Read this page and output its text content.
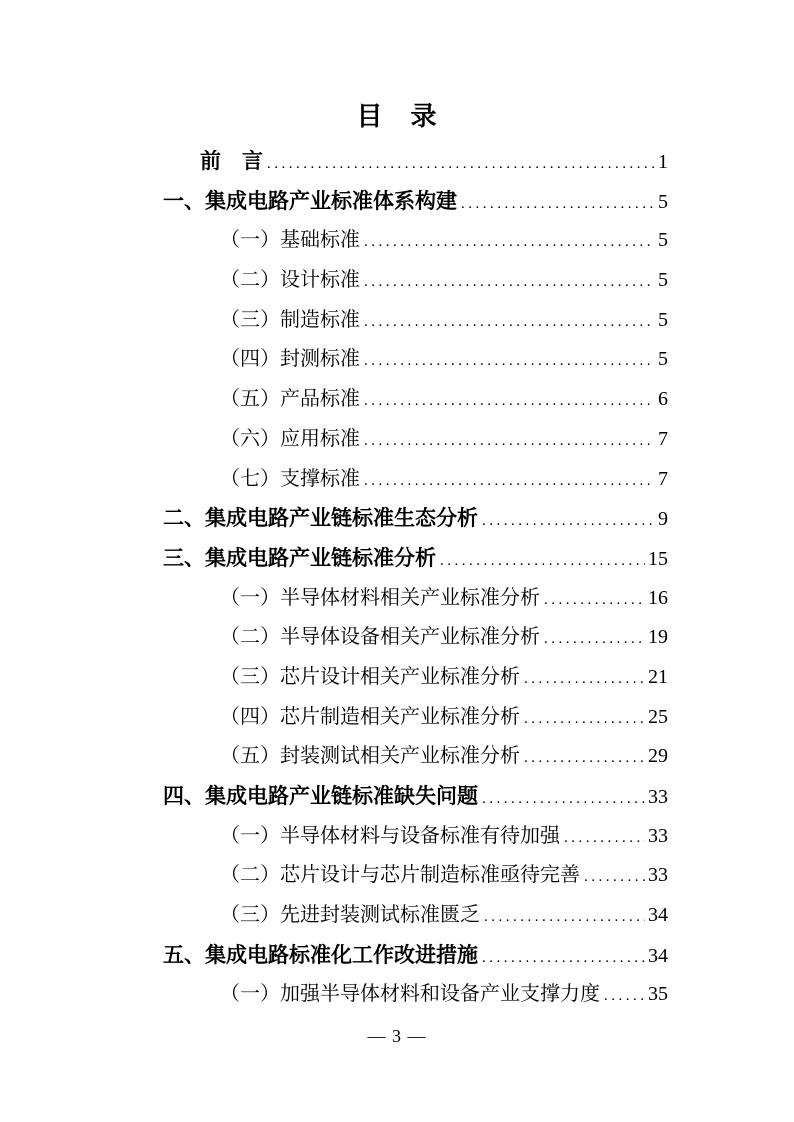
目　录
前　言 .....	1
一、集成电路产业标准体系构建 .....	5
（一）基础标准 .....	5
（二）设计标准 .....	5
（三）制造标准 .....	5
（四）封测标准 .....	5
（五）产品标准 .....	6
（六）应用标准 .....	7
（七）支撑标准 .....	7
二、集成电路产业链标准生态分析 .....	9
三、集成电路产业链标准分析 .....	15
（一）半导体材料相关产业标准分析 .....	16
（二）半导体设备相关产业标准分析 .....	19
（三）芯片设计相关产业标准分析 .....	21
（四）芯片制造相关产业标准分析 .....	25
（五）封装测试相关产业标准分析 .....	29
四、集成电路产业链标准缺失问题 .....	33
（一）半导体材料与设备标准有待加强 .....	33
（二）芯片设计与芯片制造标准亟待完善 .....	33
（三）先进封装测试标准匮乏 .....	34
五、集成电路标准化工作改进措施 .....	34
（一）加强半导体材料和设备产业支撑力度 ..... 35
— 3 —
